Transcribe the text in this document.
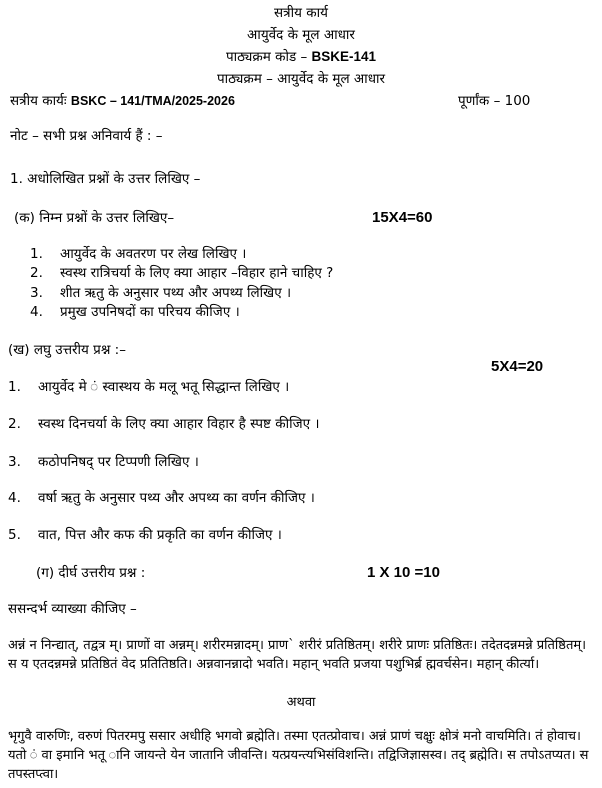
सत्रीय कार्य
आयुर्वेद के मूल आधार
पाठ्यक्रम कोड – BSKE-141
पाठ्यक्रम – आयुर्वेद के मूल आधार
सत्रीय कार्यः BSKC – 141/TMA/2025-2026	पूर्णांक – 100
नोट – सभी प्रश्न अनिवार्य हैं : –
1. अधोलिखित प्रश्नों के उत्तर लिखिए –
(क) निम्न प्रश्नों के उत्तर लिखिए–	15X4=60
1. आयुर्वेद के अवतरण पर लेख लिखिए ।
2. स्वस्थ रात्रिचर्या के लिए क्या आहार –विहार हाने चाहिए ?
3. शीत ऋतु के अनुसार पथ्य और अपथ्य लिखिए ।
4. प्रमुख उपनिषदों का परिचय कीजिए ।
(ख) लघु उत्तरीय प्रश्न :–
5X4=20
1. आयुर्वेद मे ं स्वास्थय के मलू भतू सिद्धान्त लिखिए ।
2. स्वस्थ दिनचर्या के लिए क्या आहार विहार है स्पष्ट कीजिए ।
3. कठोपनिषद् पर टिप्पणी लिखिए ।
4. वर्षा ऋतु के अनुसार पथ्य और अपथ्य का वर्णन कीजिए ।
5. वात, पित्त और कफ की प्रकृति का वर्णन कीजिए ।
(ग) दीर्घ उत्तरीय प्रश्न :	1 X 10 =10
ससन्दर्भ व्याख्या कीजिए –
अन्नं न निन्द्यात्, तद्वत्र म्। प्राणों वा अन्नम्। शरीरमन्नादम्। प्राण` शरीरं प्रतिष्ठितम्। शरीरे प्राणः प्रतिष्ठितः। तदेतदन्नमन्ने प्रतिष्ठितम्। स य एतदन्नमन्ने प्रतिष्ठितं वेद प्रतितिष्ठति। अन्नवानन्नादो भवति। महान् भवति प्रजया पशुभिर्ब्र ह्मवर्चसेन। महान् कीर्त्या।
अथवा
भृगुवै वारुणिः, वरुणं पितरमपु ससार अधीहि भगवो ब्रह्मेति। तस्मा एतत्प्रोवाच। अन्नं प्राणं चक्षुः क्षोत्रं मनो वाचमिति। तं होवाच। यतो ं वा इमानि भतू ानि जायन्ते येन जातानि जीवन्ति। यत्प्रयन्त्यभिसंविशन्ति। तद्विजिज्ञासस्व। तद् ब्रह्मेति। स तपोऽतप्यत। स तपस्तप्त्वा।
